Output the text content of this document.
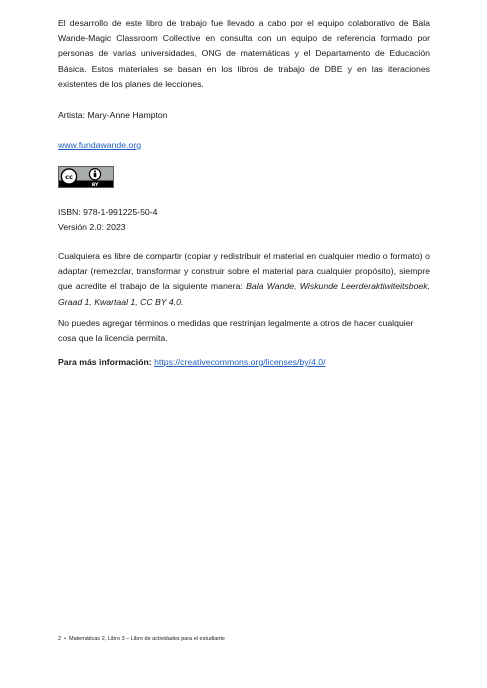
El desarrollo de este libro de trabajo fue llevado a cabo por el equipo colaborativo de Bala Wande-Magic Classroom Collective en consulta con un equipo de referencia formado por personas de varias universidades, ONG de matemáticas y el Departamento de Educación Básica. Estos materiales se basan en los libros de trabajo de DBE y en las iteraciones existentes de los planes de lecciones.

Artista: Mary-Anne Hampton

www.fundawande.org

cc
BY

ISBN: 978-1-991225-50-4

Versión 2.0: 2023

Cualquiera es libre de compartir (copiar y redistribuir el material en cualquier medio o formato) o adaptar (remezclar, transformar y construir sobre el material para cualquier propósito), siempre que acredite el trabajo de la siguiente manera: Bala Wande, Wiskunde Leerderaktiwiteitsboek, Graad 1, Kwartaal 1, CC BY 4.0.

No puedes agregar términos o medidas que restrinjan legalmente a otros de hacer cualquier cosa que la licencia permita.

Para más información: https://creativecommons.org/licenses/by/4.0/

2 • Matemáticas 2, Libro 3 – Libro de actividades para el estudiante
